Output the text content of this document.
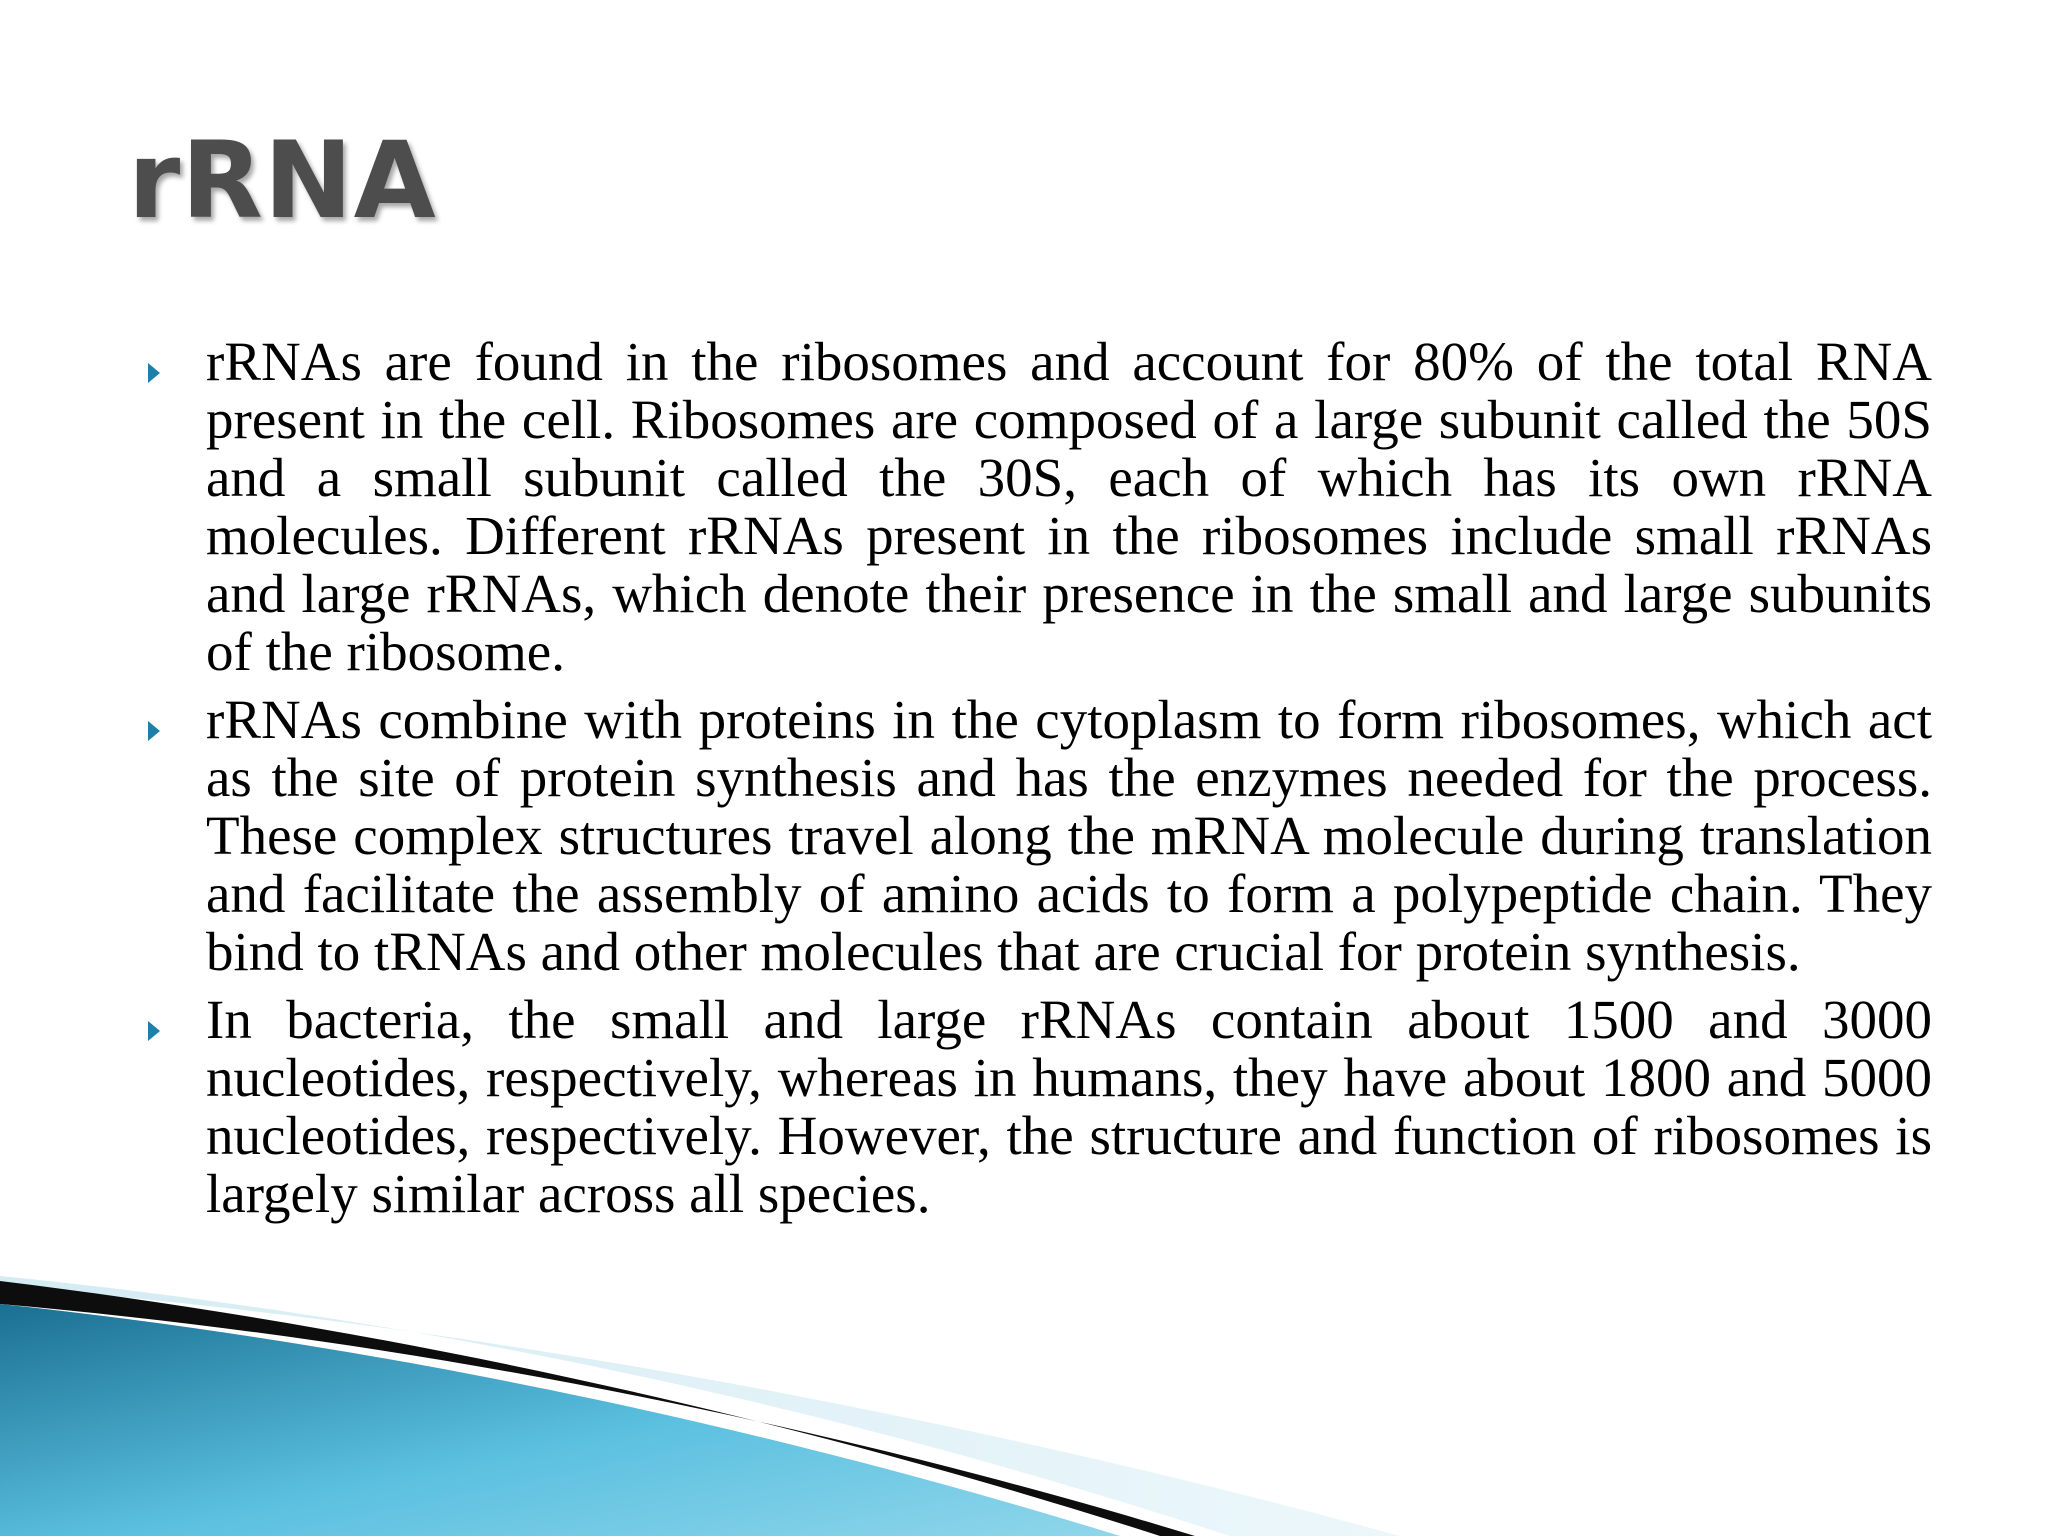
rRNA
rRNAs are found in the ribosomes and account for 80% of the total RNA present in the cell. Ribosomes are composed of a large subunit called the 50S and a small subunit called the 30S, each of which has its own rRNA molecules. Different rRNAs present in the ribosomes include small rRNAs and large rRNAs, which denote their presence in the small and large subunits of the ribosome.
rRNAs combine with proteins in the cytoplasm to form ribosomes, which act as the site of protein synthesis and has the enzymes needed for the process. These complex structures travel along the mRNA molecule during translation and facilitate the assembly of amino acids to form a polypeptide chain. They bind to tRNAs and other molecules that are crucial for protein synthesis.
In bacteria, the small and large rRNAs contain about 1500 and 3000 nucleotides, respectively, whereas in humans, they have about 1800 and 5000 nucleotides, respectively. However, the structure and function of ribosomes is largely similar across all species.
